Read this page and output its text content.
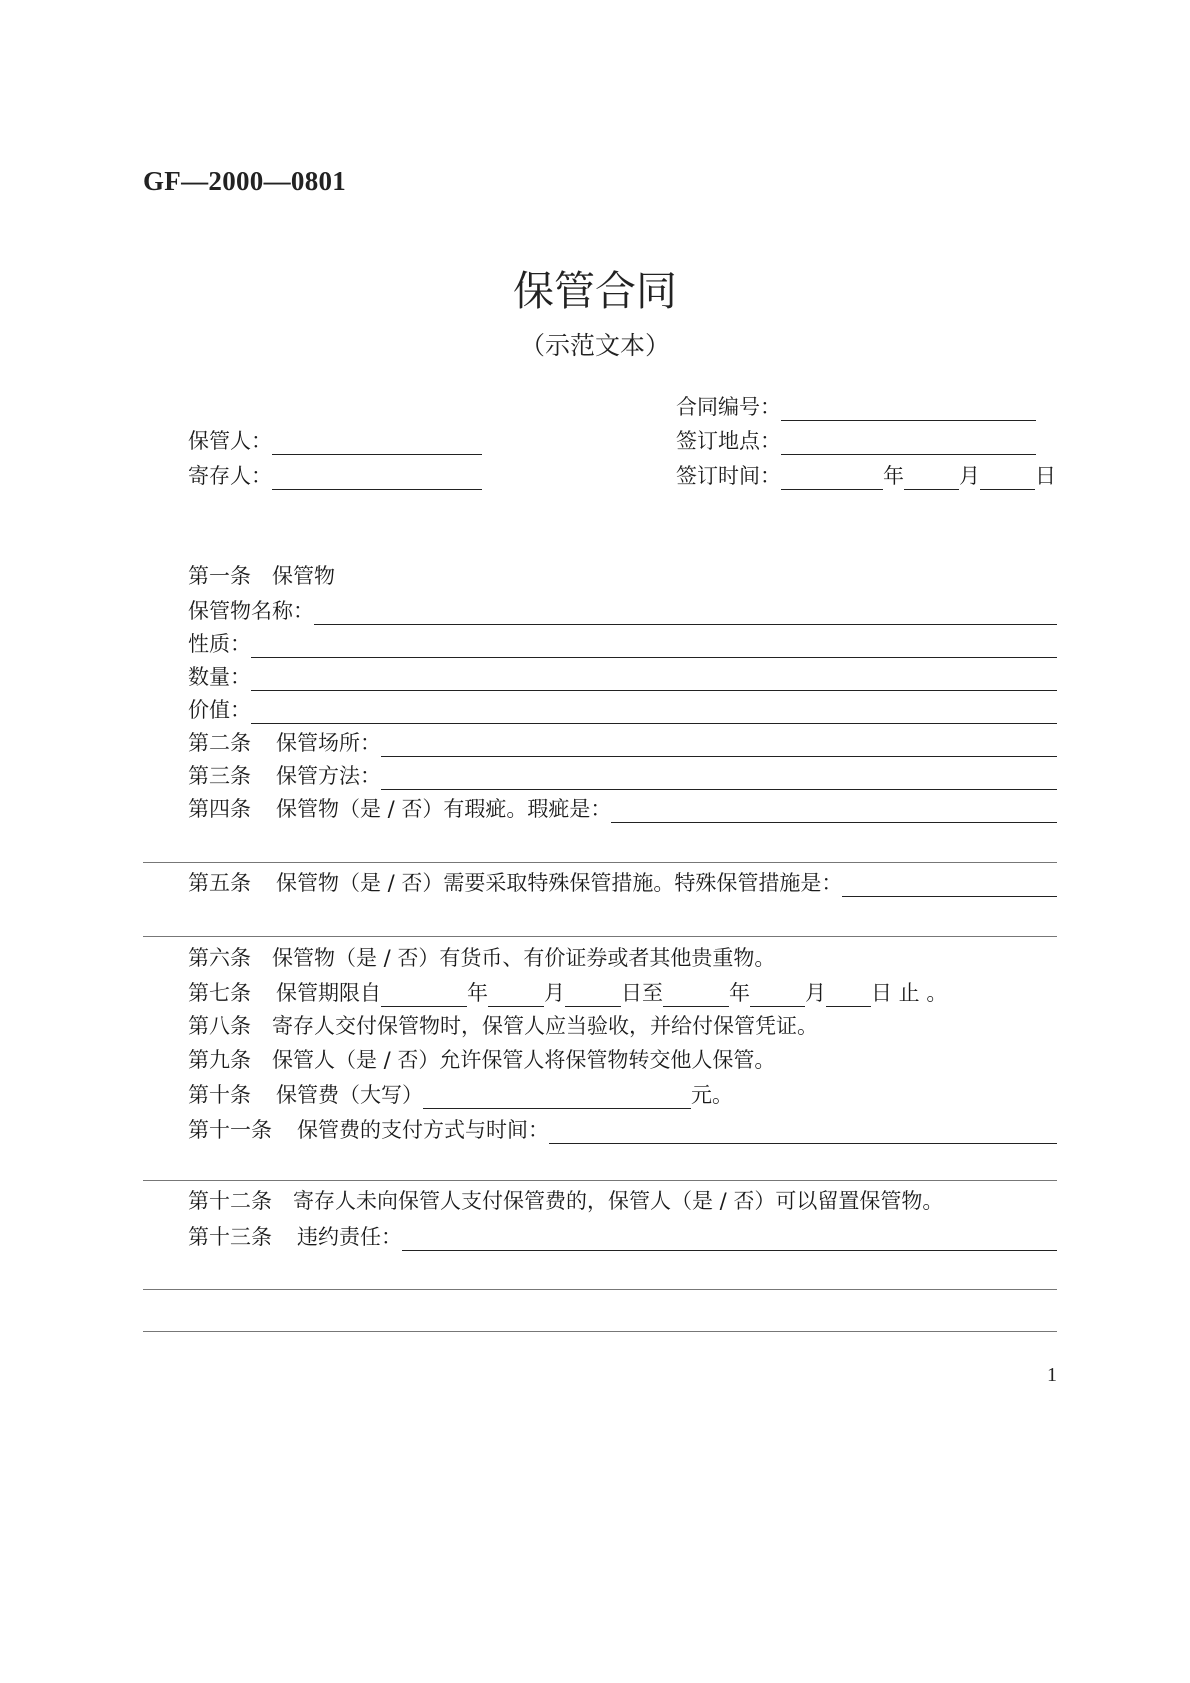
GF—2000—0801
保管合同
（示范文本）
合同编号：
保管人：	签订地点：
寄存人：	签订时间：	年	月	日
第一条 保管物
保管物名称：
性质：
数量：
价值：
第二条 保管场所：
第三条 保管方法：
第四条 保管物（是 / 否）有瑕疵。瑕疵是：
第五条 保管物（是 / 否）需要采取特殊保管措施。特殊保管措施是：
第六条 保管物（是 / 否）有货币、有价证券或者其他贵重物。
第七条 保管期限自	年	月	日至	年	月 日 止 。
第八条 寄存人交付保管物时，保管人应当验收，并给付保管凭证。
第九条 保管人（是 / 否）允许保管人将保管物转交他人保管。
第十条 保管费（大写）	元。
第十一条 保管费的支付方式与时间：
第十二条 寄存人未向保管人支付保管费的，保管人（是 / 否）可以留置保管物。
第十三条 违约责任：
1
